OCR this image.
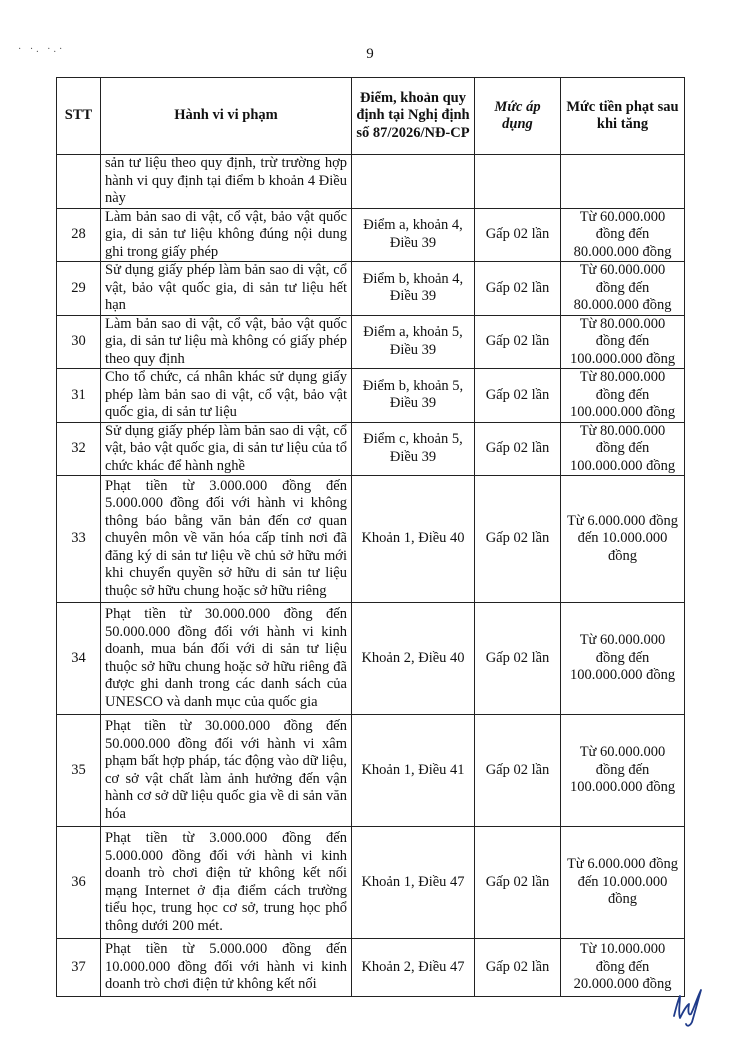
· ·. ·.·	9
STT	Hành vi vi phạm	Điểm, khoản quy định tại Nghị định số 87/2026/NĐ-CP	Mức áp dụng	Mức tiền phạt sau khi tăng
	sản tư liệu theo quy định, trừ trường hợp hành vi quy định tại điểm b khoản 4 Điều này			
28	Làm bản sao di vật, cổ vật, bảo vật quốc gia, di sản tư liệu không đúng nội dung ghi trong giấy phép	Điểm a, khoản 4, Điều 39	Gấp 02 lần	Từ 60.000.000 đồng đến 80.000.000 đồng
29	Sử dụng giấy phép làm bản sao di vật, cổ vật, bảo vật quốc gia, di sản tư liệu hết hạn	Điểm b, khoản 4, Điều 39	Gấp 02 lần	Từ 60.000.000 đồng đến 80.000.000 đồng
30	Làm bản sao di vật, cổ vật, bảo vật quốc gia, di sản tư liệu mà không có giấy phép theo quy định	Điểm a, khoản 5, Điều 39	Gấp 02 lần	Từ 80.000.000 đồng đến 100.000.000 đồng
31	Cho tổ chức, cá nhân khác sử dụng giấy phép làm bản sao di vật, cổ vật, bảo vật quốc gia, di sản tư liệu	Điểm b, khoản 5, Điều 39	Gấp 02 lần	Từ 80.000.000 đồng đến 100.000.000 đồng
32	Sử dụng giấy phép làm bản sao di vật, cổ vật, bảo vật quốc gia, di sản tư liệu của tổ chức khác để hành nghề	Điểm c, khoản 5, Điều 39	Gấp 02 lần	Từ 80.000.000 đồng đến 100.000.000 đồng
33	Phạt tiền từ 3.000.000 đồng đến 5.000.000 đồng đối với hành vi không thông báo bằng văn bản đến cơ quan chuyên môn về văn hóa cấp tỉnh nơi đã đăng ký di sản tư liệu về chủ sở hữu mới khi chuyển quyền sở hữu di sản tư liệu thuộc sở hữu chung hoặc sở hữu riêng	Khoản 1, Điều 40	Gấp 02 lần	Từ 6.000.000 đồng đến 10.000.000 đồng
34	Phạt tiền từ 30.000.000 đồng đến 50.000.000 đồng đối với hành vi kinh doanh, mua bán đối với di sản tư liệu thuộc sở hữu chung hoặc sở hữu riêng đã được ghi danh trong các danh sách của UNESCO và danh mục của quốc gia	Khoản 2, Điều 40	Gấp 02 lần	Từ 60.000.000 đồng đến 100.000.000 đồng
35	Phạt tiền từ 30.000.000 đồng đến 50.000.000 đồng đối với hành vi xâm phạm bất hợp pháp, tác động vào dữ liệu, cơ sở vật chất làm ảnh hưởng đến vận hành cơ sở dữ liệu quốc gia về di sản văn hóa	Khoản 1, Điều 41	Gấp 02 lần	Từ 60.000.000 đồng đến 100.000.000 đồng
36	Phạt tiền từ 3.000.000 đồng đến 5.000.000 đồng đối với hành vi kinh doanh trò chơi điện tử không kết nối mạng Internet ở địa điểm cách trường tiểu học, trung học cơ sở, trung học phổ thông dưới 200 mét.	Khoản 1, Điều 47	Gấp 02 lần	Từ 6.000.000 đồng đến 10.000.000 đồng
37	Phạt tiền từ 5.000.000 đồng đến 10.000.000 đồng đối với hành vi kinh doanh trò chơi điện tử không kết nối	Khoản 2, Điều 47	Gấp 02 lần	Từ 10.000.000 đồng đến 20.000.000 đồng
